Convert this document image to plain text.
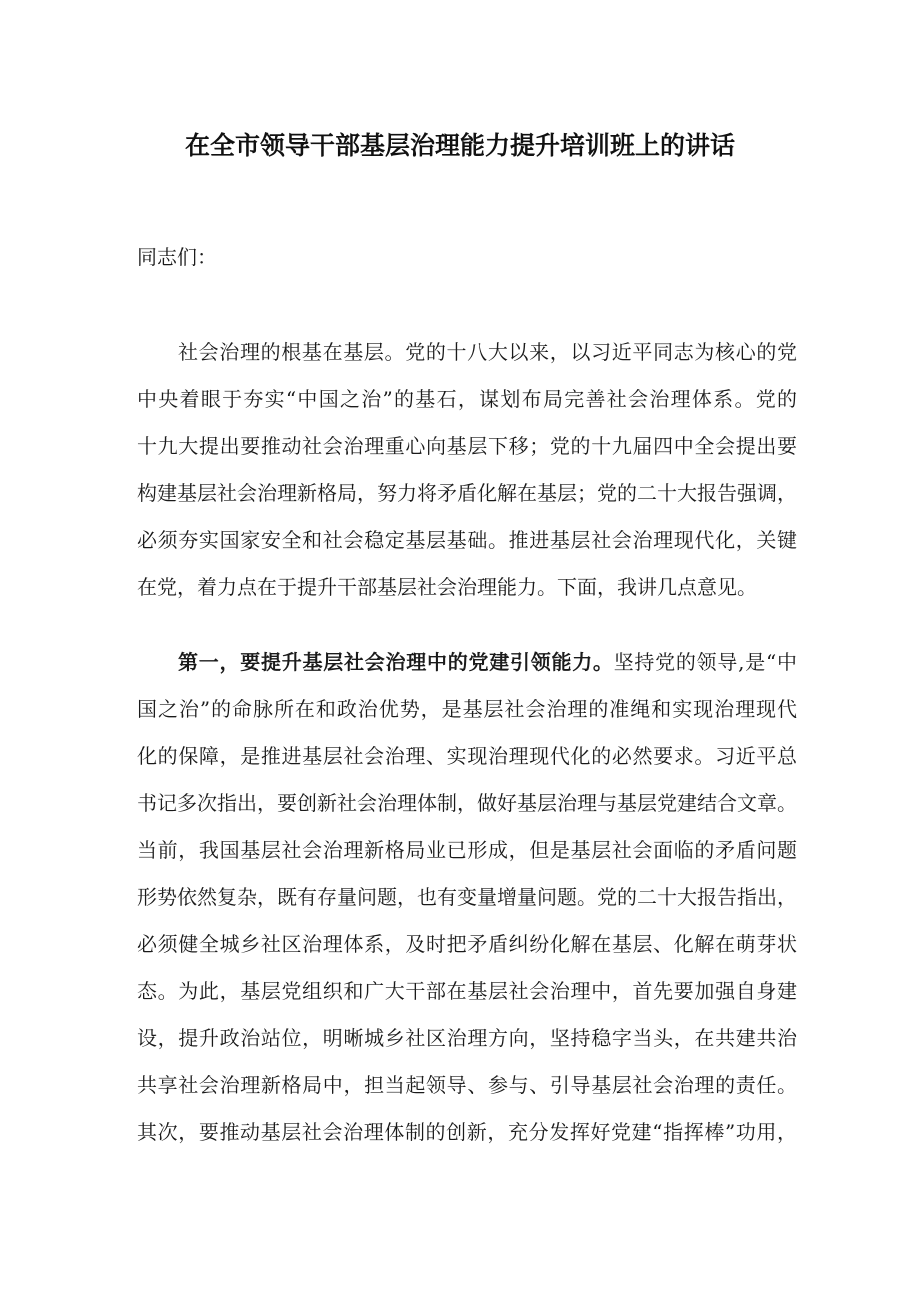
在全市领导干部基层治理能力提升培训班上的讲话
同志们：
社会治理的根基在基层。党的十八大以来，以习近平同志为核心的党
中央着眼于夯实“中国之治”的基石，谋划布局完善社会治理体系。党的
十九大提出要推动社会治理重心向基层下移；党的十九届四中全会提出要
构建基层社会治理新格局，努力将矛盾化解在基层；党的二十大报告强调，
必须夯实国家安全和社会稳定基层基础。推进基层社会治理现代化，关键
在党，着力点在于提升干部基层社会治理能力。下面，我讲几点意见。
第一，要提升基层社会治理中的党建引领能力。坚持党的领导,是“中
国之治”的命脉所在和政治优势，是基层社会治理的准绳和实现治理现代
化的保障，是推进基层社会治理、实现治理现代化的必然要求。习近平总
书记多次指出，要创新社会治理体制，做好基层治理与基层党建结合文章。
当前，我国基层社会治理新格局业已形成，但是基层社会面临的矛盾问题
形势依然复杂，既有存量问题，也有变量增量问题。党的二十大报告指出，
必须健全城乡社区治理体系，及时把矛盾纠纷化解在基层、化解在萌芽状
态。为此，基层党组织和广大干部在基层社会治理中，首先要加强自身建
设，提升政治站位，明晰城乡社区治理方向，坚持稳字当头，在共建共治
共享社会治理新格局中，担当起领导、参与、引导基层社会治理的责任。
其次，要推动基层社会治理体制的创新，充分发挥好党建“指挥棒”功用，
